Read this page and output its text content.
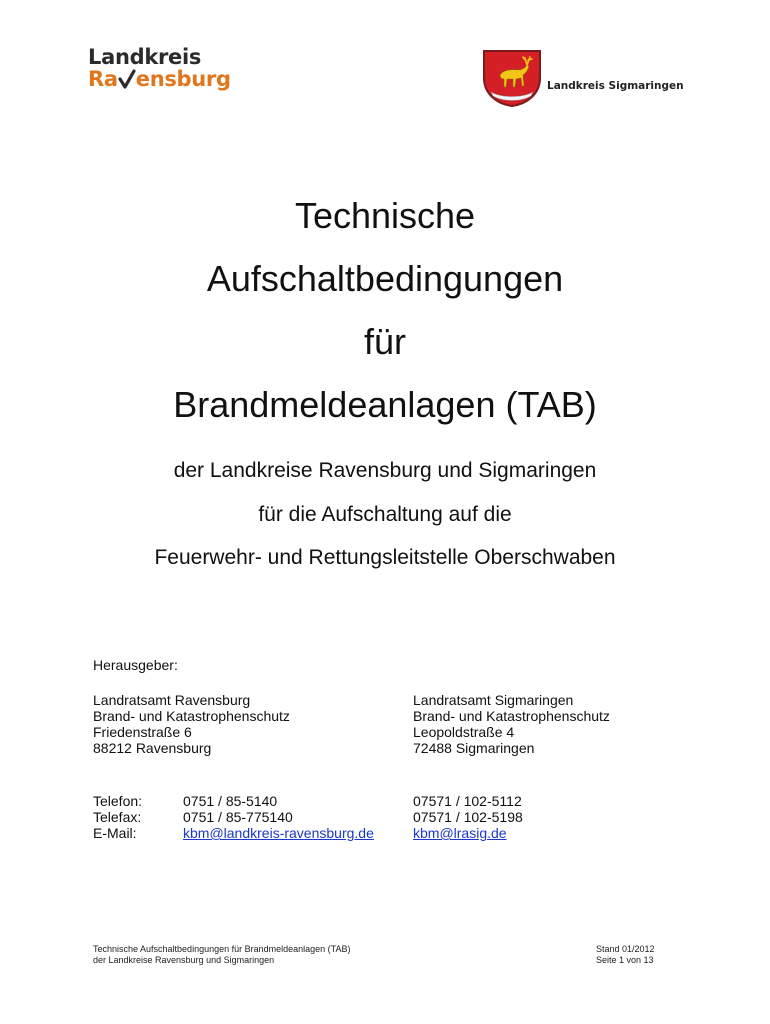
Landkreis
Ra ensburg	Landkreis Sigmaringen
Technische
Aufschaltbedingungen
für
Brandmeldeanlagen (TAB)
der Landkreise Ravensburg und Sigmaringen
für die Aufschaltung auf die
Feuerwehr- und Rettungsleitstelle Oberschwaben
Herausgeber:
Landratsamt Ravensburg
Brand- und Katastrophenschutz
Friedenstraße 6
88212 Ravensburg
Landratsamt Sigmaringen
Brand- und Katastrophenschutz
Leopoldstraße 4
72488 Sigmaringen
Telefon:
Telefax:
E-Mail:
0751 / 85-5140
0751 / 85-775140
kbm@landkreis-ravensburg.de
07571 / 102-5112
07571 / 102-5198
kbm@lrasig.de
Technische Aufschaltbedingungen für Brandmeldeanlagen (TAB)
der Landkreise Ravensburg und Sigmaringen
Stand 01/2012
Seite 1 von 13
